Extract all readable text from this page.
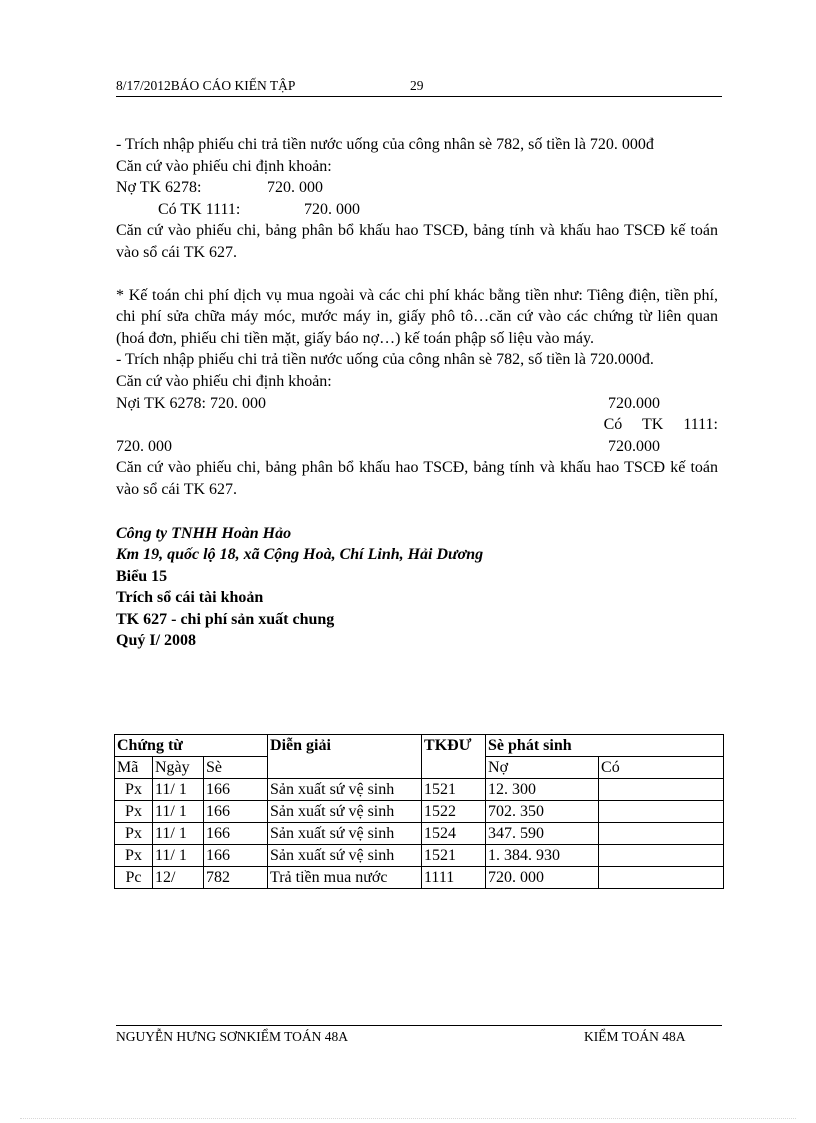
8/17/2012BÁO CÁO KIẾN TẬP	29

- Trích nhập phiếu chi trả tiền nước uống của công nhân sè 782, số tiền là 720. 000đ

Căn cứ vào phiếu chi định khoản:

Nợ TK 6278:	720. 000
Có TK 1111:	720. 000

Căn cứ vào phiếu chi, bảng phân bổ khấu hao TSCĐ, bảng tính và khấu hao TSCĐ kế toán vào sổ cái TK 627.

* Kế toán chi phí dịch vụ mua ngoài và các chi phí khác bằng tiền như: Tiêng điện, tiền phí, chi phí sửa chữa máy móc, mước máy in, giấy phô tô…căn cứ vào các chứng từ liên quan (hoá đơn, phiếu chi tiền mặt, giấy báo nợ…) kế toán phập số liệu vào máy.

- Trích nhập phiếu chi trả tiền nước uống của công nhân sè 782, số tiền là 720.000đ.

Căn cứ vào phiếu chi định khoản:

Nợi TK 6278: 720. 000	720.000
Có TK 1111:
720. 000	720.000

Căn cứ vào phiếu chi, bảng phân bổ khấu hao TSCĐ, bảng tính và khấu hao TSCĐ kế toán vào sổ cái TK 627.

Công ty TNHH Hoàn Hảo

Km 19, quốc lộ 18, xã Cộng Hoà, Chí Linh, Hải Dương

Biểu 15

Trích sổ cái tài khoản

TK 627 - chi phí sản xuất chung

Quý I/ 2008

Chứng từ			Diễn giải	TKĐƯ	Sè phát sinh	
Mã	Ngày	Sè			Nợ	Có
Px	11/ 1	166	Sản xuất sứ vệ sinh	1521	12. 300	
Px	11/ 1	166	Sản xuất sứ vệ sinh	1522	702. 350	
Px	11/ 1	166	Sản xuất sứ vệ sinh	1524	347. 590	
Px	11/ 1	166	Sản xuất sứ vệ sinh	1521	1. 384. 930	
Pc	12/	782	Trả tiền mua nước	1111	720. 000	
NGUYỄN HƯNG SƠNKIỂM TOÁN 48A	KIỂM TOÁN 48A
